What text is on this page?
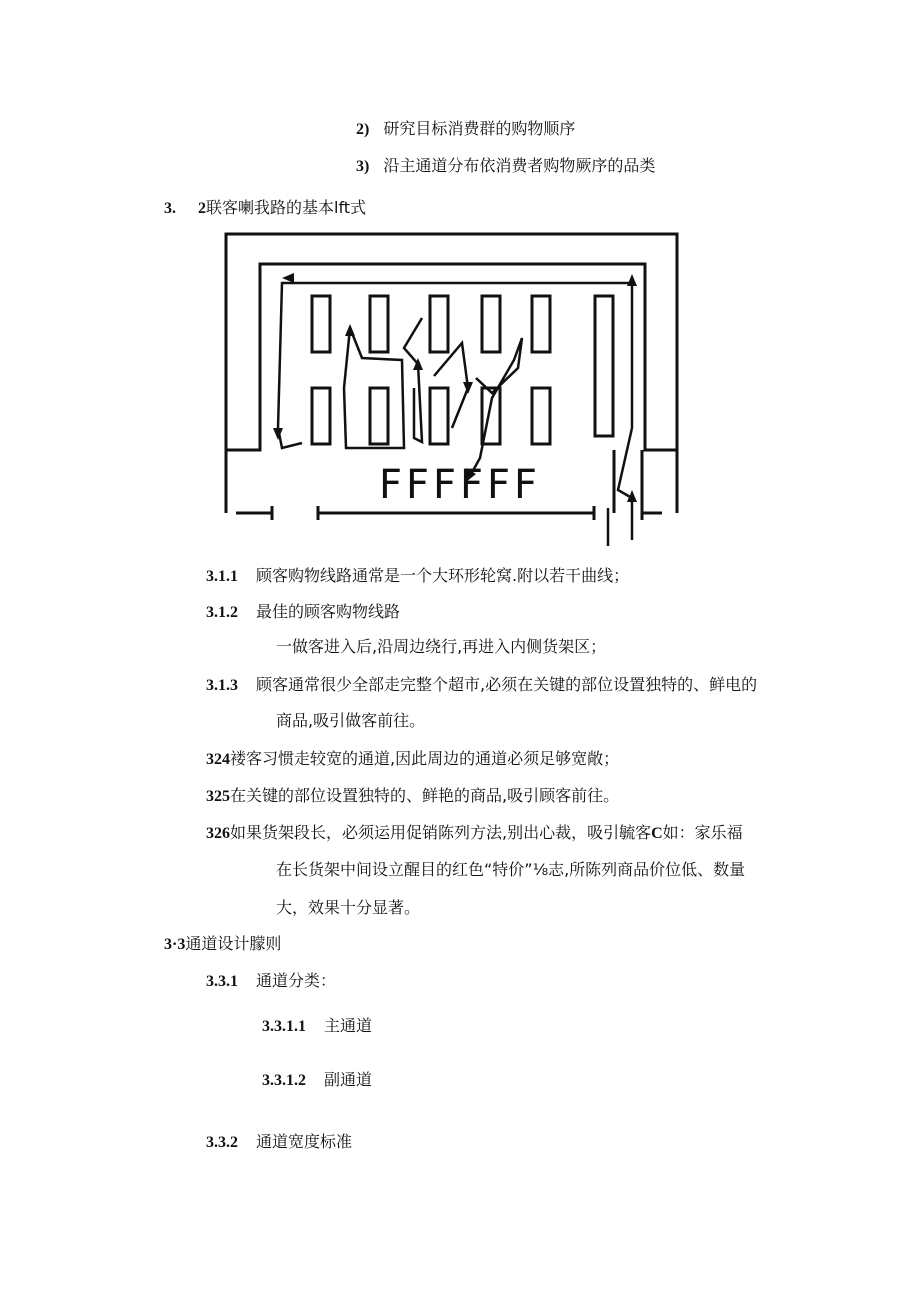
2) 研究目标消费群的购物顺序
3) 沿主通道分布依消费者购物厥序的品类
3. 2联客喇我路的基本lft式
FFFFFF
3.1.1 顾客购物线路通常是一个大环形轮窝.附以若干曲线；
3.1.2 最佳的顾客购物线路
一做客进入后,沿周边绕行,再进入内侧货架区；
3.1.3 顾客通常很少全部走完整个超市,必须在关键的部位设置独特的、鲜电的
商品,吸引做客前往。
324褛客习惯走较宽的通道,因此周边的通道必须足够宽敞；
325在关键的部位设置独特的、鲜艳的商品,吸引顾客前往。
326如果货架段长，必须运用促销陈列方法,别出心裁，吸引毓客C如：家乐福
在长货架中间设立醒目的红色“特价”⅛志,所陈列商品价位低、数量
大，效果十分显著。
3·3通道设计朦则
3.3.1 通道分类：
3.3.1.1 主通道
3.3.1.2 副通道
3.3.2 通道宽度标准
